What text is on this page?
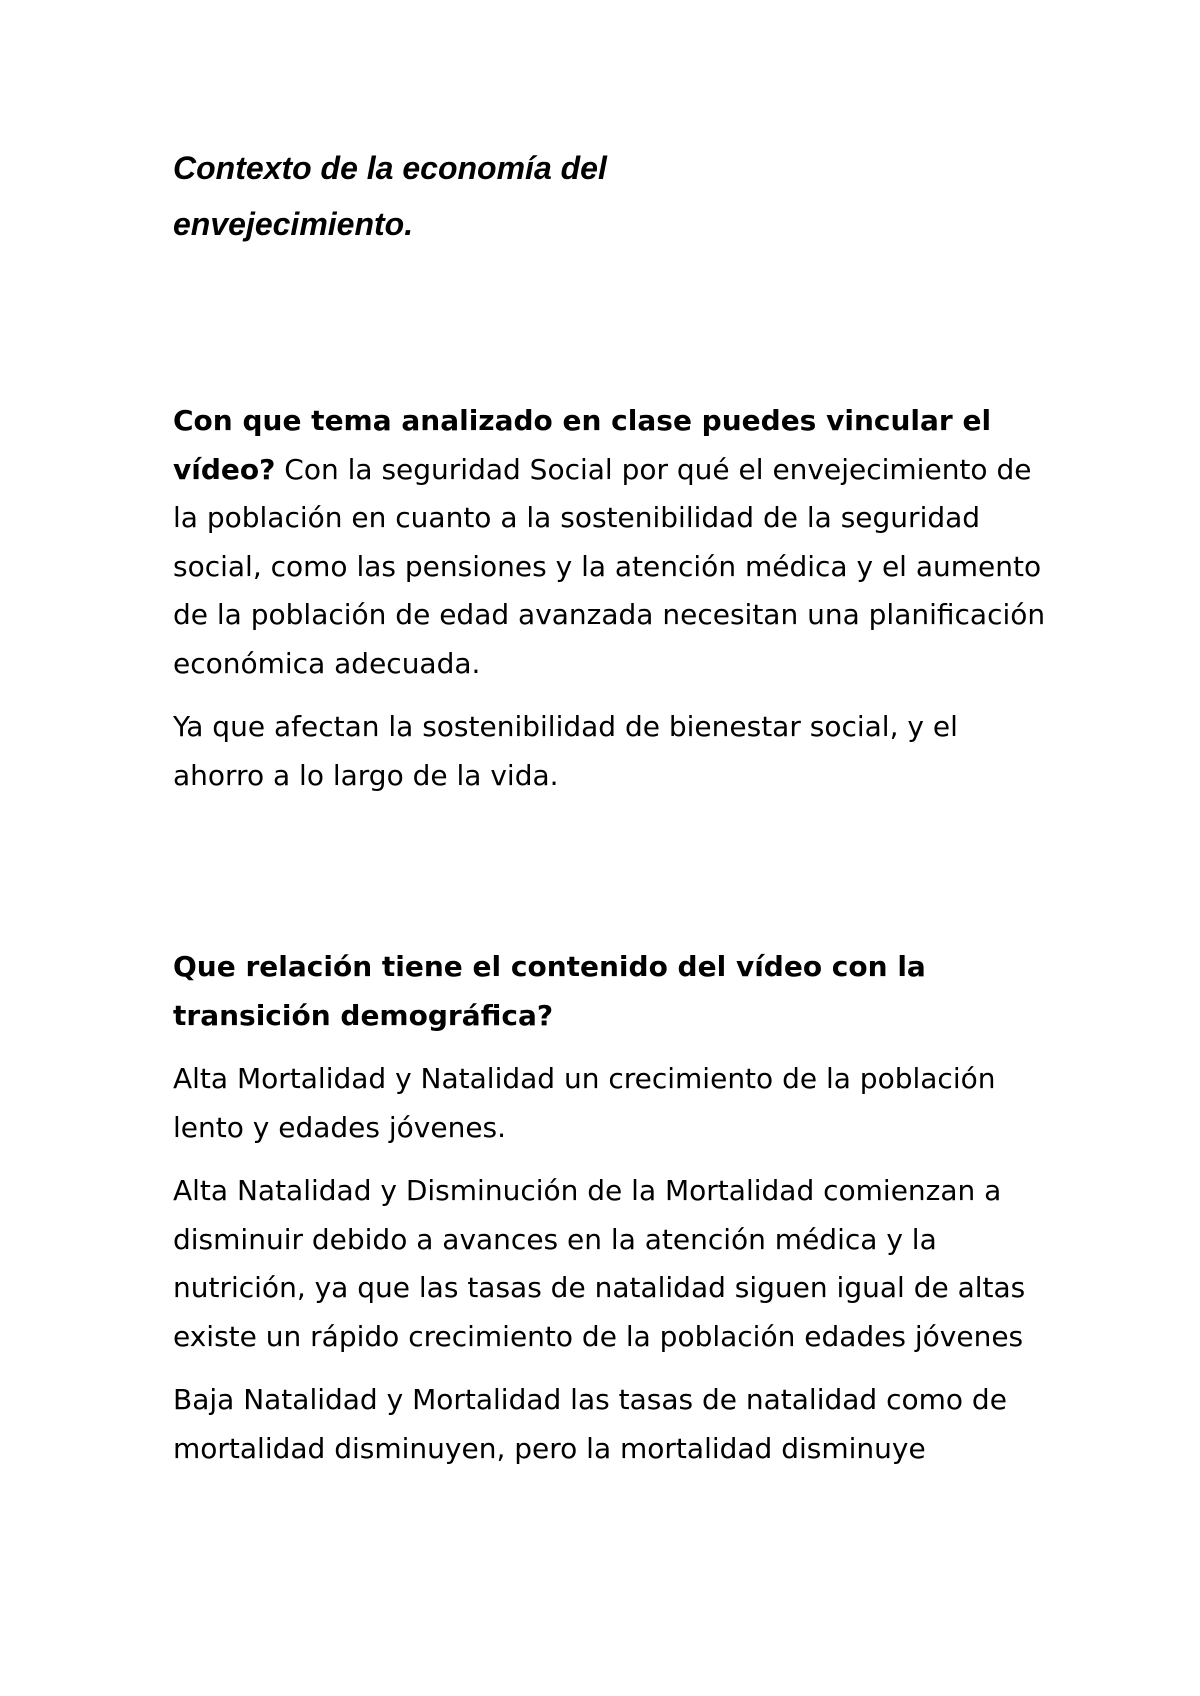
Contexto de la economía del
envejecimiento.

Con que tema analizado en clase puedes vincular el vídeo? Con la seguridad Social por qué el envejecimiento de la población en cuanto a la sostenibilidad de la seguridad social, como las pensiones y la atención médica y el aumento de la población de edad avanzada necesitan una planificación económica adecuada.

Ya que afectan la sostenibilidad de bienestar social, y el ahorro a lo largo de la vida.

Que relación tiene el contenido del vídeo con la transición demográfica?

Alta Mortalidad y Natalidad un crecimiento de la población lento y edades jóvenes.

Alta Natalidad y Disminución de la Mortalidad comienzan a disminuir debido a avances en la atención médica y la nutrición, ya que las tasas de natalidad siguen igual de altas existe un rápido crecimiento de la población edades jóvenes

Baja Natalidad y Mortalidad las tasas de natalidad como de mortalidad disminuyen, pero la mortalidad disminuye
